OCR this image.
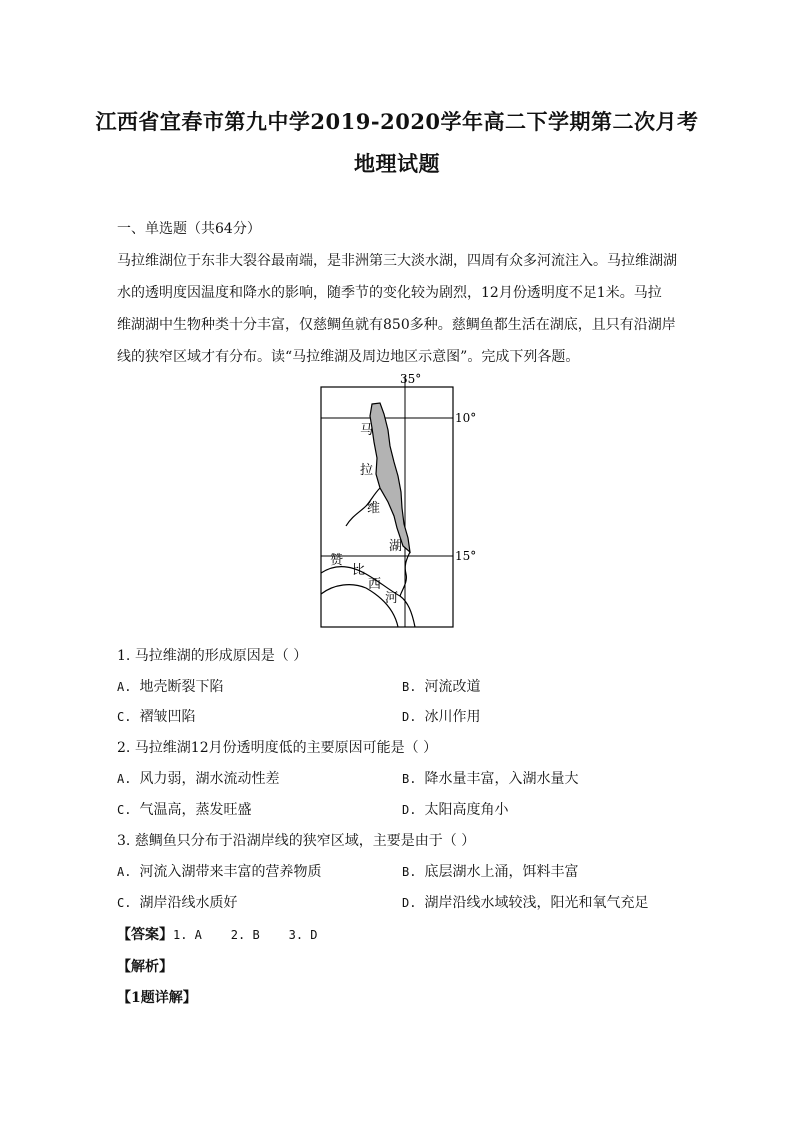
江西省宜春市第九中学2019-2020学年高二下学期第二次月考
地理试题
一、单选题（共64分）
马拉维湖位于东非大裂谷最南端，是非洲第三大淡水湖，四周有众多河流注入。马拉维湖湖
水的透明度因温度和降水的影响，随季节的变化较为剧烈，12月份透明度不足1米。马拉
维湖湖中生物种类十分丰富，仅慈鲷鱼就有850多种。慈鲷鱼都生活在湖底，且只有沿湖岸
线的狭窄区域才有分布。读“马拉维湖及周边地区示意图”。完成下列各题。
35°
10°
15°
马
拉
维
湖
赞
比
西
河
1. 马拉维湖的形成原因是（ ）
A. 地壳断裂下陷	B. 河流改道
C. 褶皱凹陷	D. 冰川作用
2. 马拉维湖12月份透明度低的主要原因可能是（ ）
A. 风力弱，湖水流动性差	B. 降水量丰富，入湖水量大
C. 气温高，蒸发旺盛	D. 太阳高度角小
3. 慈鲷鱼只分布于沿湖岸线的狭窄区域，主要是由于（ ）
A. 河流入湖带来丰富的营养物质	B. 底层湖水上涌，饵料丰富
C. 湖岸沿线水质好	D. 湖岸沿线水域较浅，阳光和氧气充足
【答案】1. A    2. B    3. D
【解析】
【1题详解】
